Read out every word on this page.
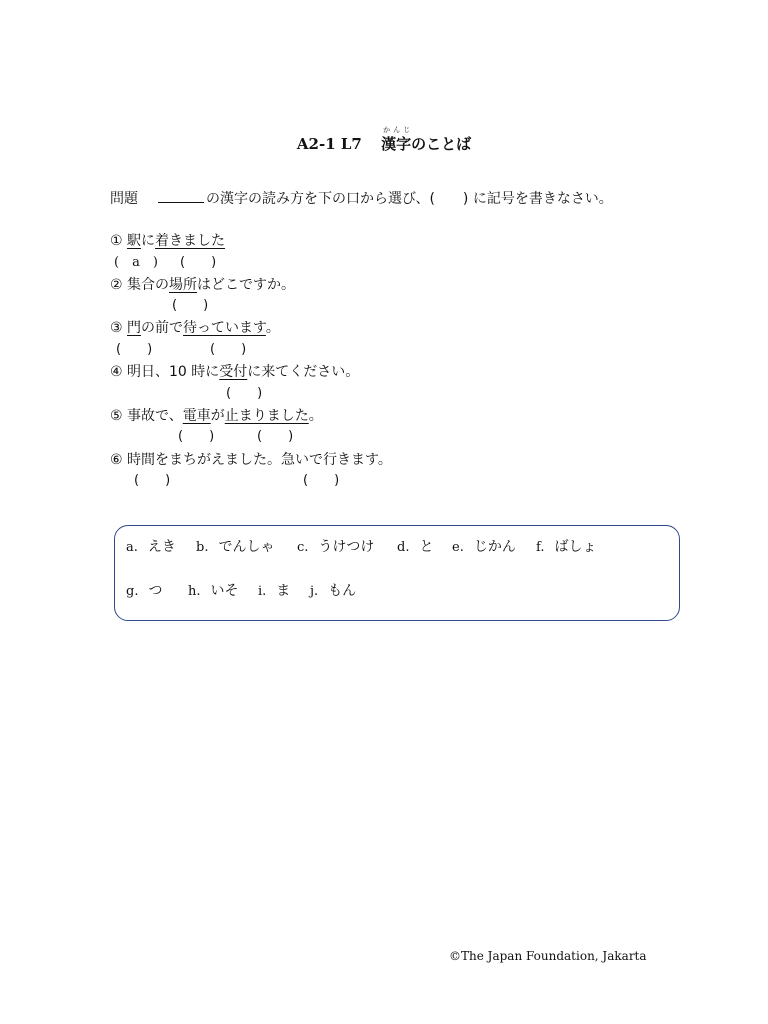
A2-1 L7
かんじ
漢字のことば
問題	の漢字の読み方を下の口から選び、(　　) に記号を書きなさい。
① 駅に着きました
(　a　) (　　)
② 集合の場所はどこですか。
(　　)
③ 門の前で待っています。
(　　)	(　　)
④ 明日、10 時に受付に来てください。
(　　)
⑤ 事故で、電車が止まりました。
(　　)	(　　)
⑥ 時間をまちがえました。急いで行きます。
(　　)	(　　)
a. えき b. でんしゃ c. うけつけ d. と e. じかん f. ばしょ
g. つ h. いそ i. ま j. もん
©The Japan Foundation, Jakarta
